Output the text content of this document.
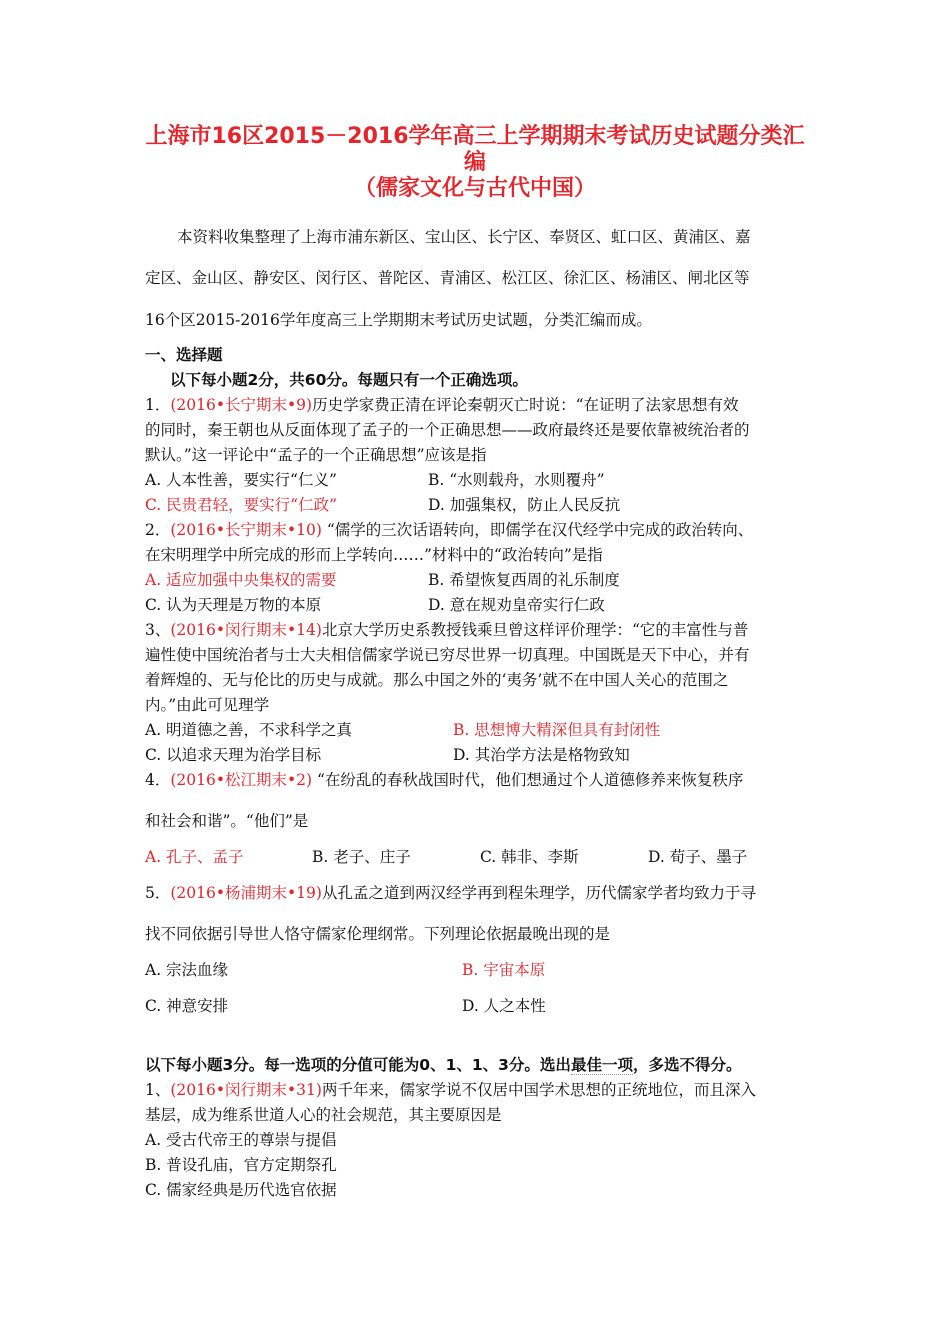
上海市16区2015－2016学年高三上学期期末考试历史试题分类汇
编
（儒家文化与古代中国）
本资料收集整理了上海市浦东新区、宝山区、长宁区、奉贤区、虹口区、黄浦区、嘉
定区、金山区、静安区、闵行区、普陀区、青浦区、松江区、徐汇区、杨浦区、闸北区等
16个区2015-2016学年度高三上学期期末考试历史试题，分类汇编而成。
一、选择题
以下每小题2分，共60分。每题只有一个正确选项。
1．(2016•长宁期末•9)历史学家费正清在评论秦朝灭亡时说：“在证明了法家思想有效
的同时，秦王朝也从反面体现了孟子的一个正确思想——政府最终还是要依靠被统治者的
默认。”这一评论中“孟子的一个正确思想”应该是指
A. 人本性善，要实行“仁义”	B. “水则载舟，水则覆舟”
C. 民贵君轻，要实行“仁政”	D. 加强集权，防止人民反抗
2．(2016•长宁期末•10) “儒学的三次话语转向，即儒学在汉代经学中完成的政治转向、
在宋明理学中所完成的形而上学转向……”材料中的“政治转向”是指
A. 适应加强中央集权的需要	B. 希望恢复西周的礼乐制度
C. 认为天理是万物的本原	D. 意在规劝皇帝实行仁政
3、(2016•闵行期末•14)北京大学历史系教授钱乘旦曾这样评价理学：“它的丰富性与普
遍性使中国统治者与士大夫相信儒家学说已穷尽世界一切真理。中国既是天下中心，并有
着辉煌的、无与伦比的历史与成就。那么中国之外的‘夷务’就不在中国人关心的范围之
内。”由此可见理学
A. 明道德之善，不求科学之真	B. 思想博大精深但具有封闭性
C. 以追求天理为治学目标	D. 其治学方法是格物致知
4．(2016•松江期末•2) “在纷乱的春秋战国时代，他们想通过个人道德修养来恢复秩序
和社会和谐”。“他们”是
A. 孔子、孟子	B. 老子、庄子	C. 韩非、李斯	D. 荀子、墨子
5．(2016•杨浦期末•19)从孔孟之道到两汉经学再到程朱理学，历代儒家学者均致力于寻
找不同依据引导世人恪守儒家伦理纲常。下列理论依据最晚出现的是
A. 宗法血缘	B. 宇宙本原
C. 神意安排	D. 人之本性
以下每小题3分。每一选项的分值可能为0、1、1、3分。选出最佳一项，多选不得分。
1、(2016•闵行期末•31)两千年来，儒家学说不仅居中国学术思想的正统地位，而且深入
基层，成为维系世道人心的社会规范，其主要原因是
A. 受古代帝王的尊崇与提倡
B. 普设孔庙，官方定期祭孔
C. 儒家经典是历代选官依据
